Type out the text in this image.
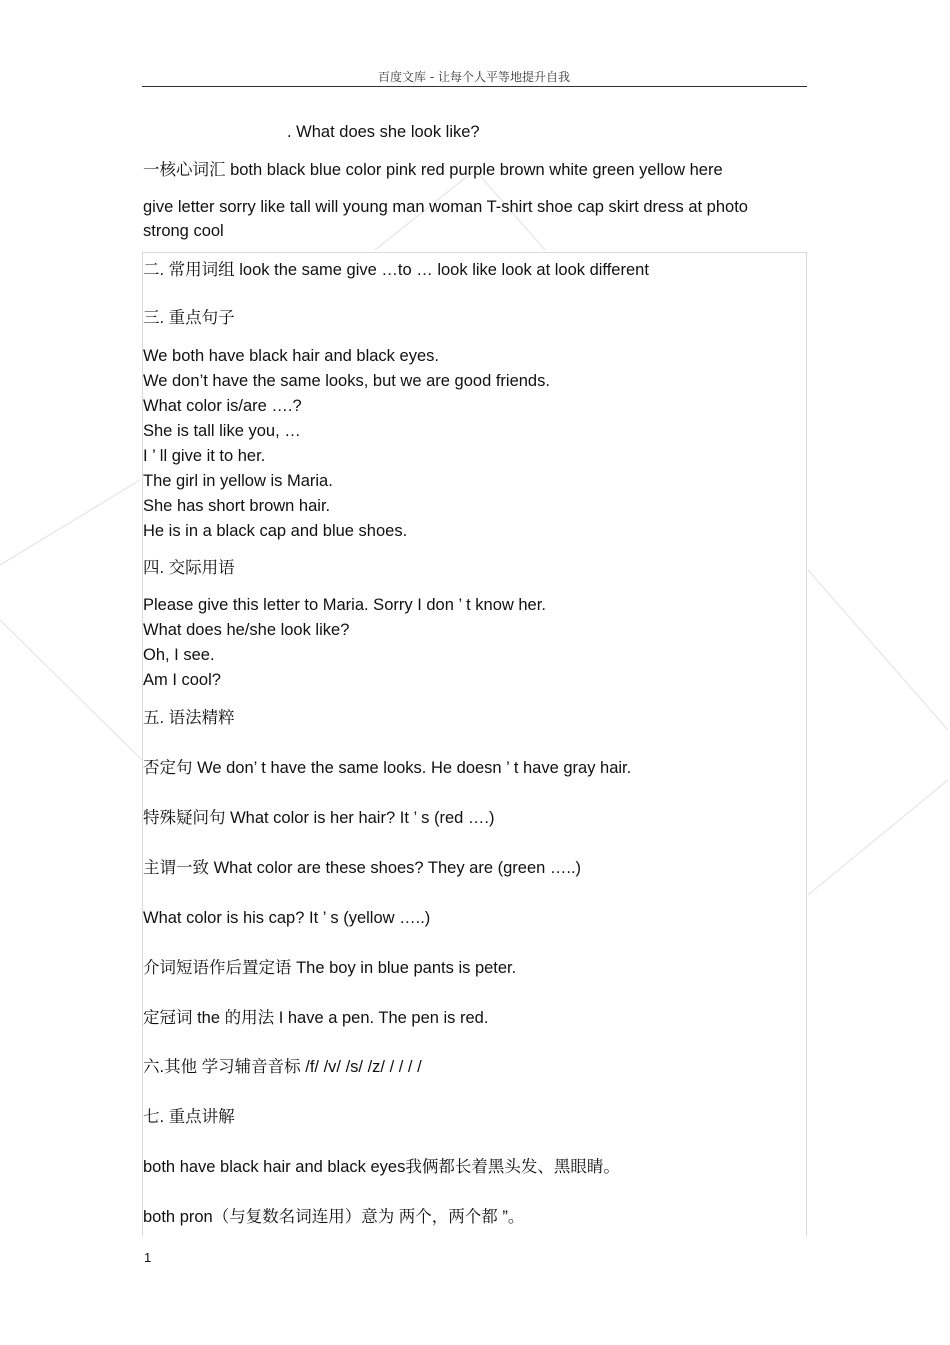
百度文库 - 让每个人平等地提升自我
. What does she look like?
一核心词汇 both black blue color pink red purple brown white green yellow here
give letter sorry like tall will young man woman T-shirt shoe cap skirt dress at photo
strong cool
二. 常用词组 look the same give …to … look like look at look different
三. 重点句子
We both have black hair and black eyes.
We don’t have the same looks, but we are good friends.
What color is/are ….?
She is tall like you, …
I ’ ll give it to her.
The girl in yellow is Maria.
She has short brown hair.
He is in a black cap and blue shoes.
四. 交际用语
Please give this letter to Maria. Sorry I don ’ t know her.
What does he/she look like?
Oh, I see.
Am I cool?
五. 语法精粹
否定句 We don’ t have the same looks. He doesn ’ t have gray hair.
特殊疑问句 What color is her hair? It ’ s (red ….)
主谓一致 What color are these shoes? They are (green …..)
What color is his cap? It ’ s (yellow …..)
介词短语作后置定语 The boy in blue pants is peter.
定冠词 the 的用法 I have a pen. The pen is red.
六.其他 学习辅音音标 /f/ /v/ /s/ /z/ / / / /
七. 重点讲解
both have black hair and black eyes我俩都长着黑头发、黑眼睛。
both pron（与复数名词连用）意为 两个，两个都 ”。
1
